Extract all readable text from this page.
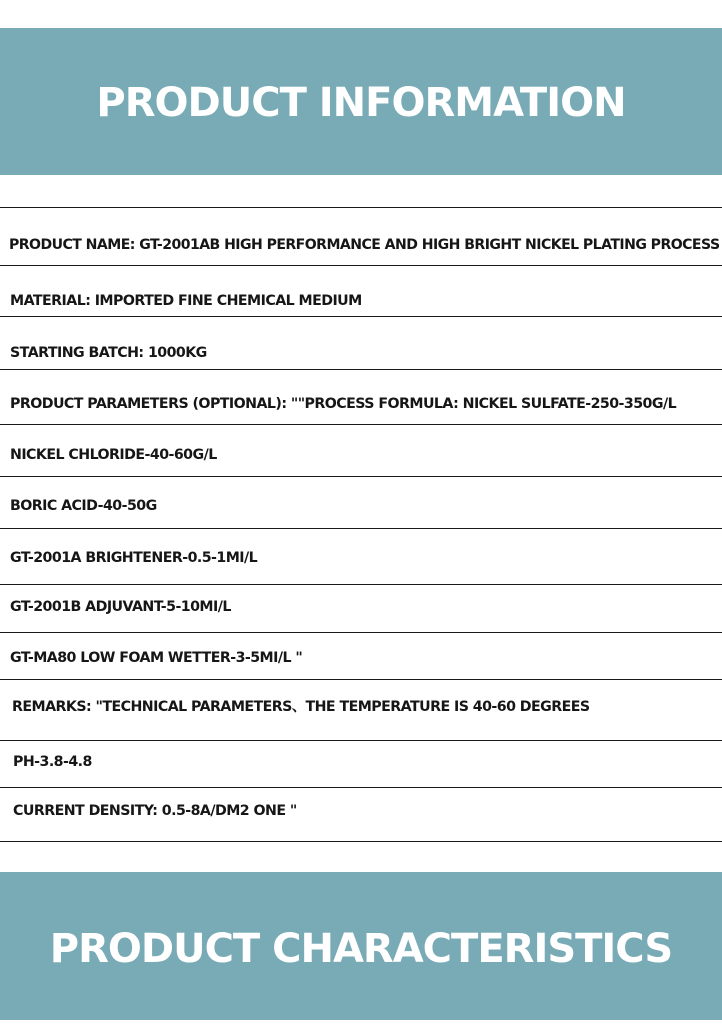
PRODUCT INFORMATION
PRODUCT NAME: GT-2001AB HIGH PERFORMANCE AND HIGH BRIGHT NICKEL PLATING PROCESS
MATERIAL: IMPORTED FINE CHEMICAL MEDIUM
STARTING BATCH: 1000KG
PRODUCT PARAMETERS (OPTIONAL): ""PROCESS FORMULA: NICKEL SULFATE-250-350G/L
NICKEL CHLORIDE-40-60G/L
BORIC ACID-40-50G
GT-2001A BRIGHTENER-0.5-1MI/L
GT-2001B ADJUVANT-5-10MI/L
GT-MA80 LOW FOAM WETTER-3-5MI/L "
REMARKS: "TECHNICAL PARAMETERS、THE TEMPERATURE IS 40-60 DEGREES
PH-3.8-4.8
CURRENT DENSITY: 0.5-8A/DM2 ONE "
PRODUCT CHARACTERISTICS
